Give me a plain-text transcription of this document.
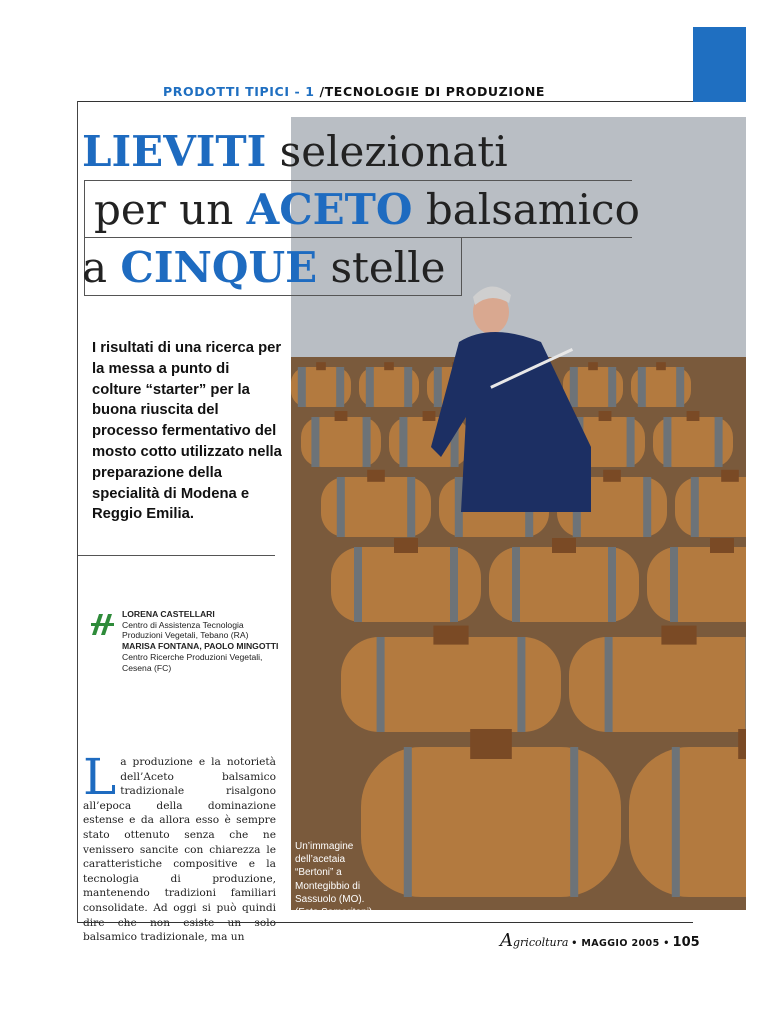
PRODOTTI TIPICI - 1 /TECNOLOGIE DI PRODUZIONE
LIEVITI selezionati
per un ACETO balsamico
a CINQUE stelle
I risultati di una ricerca per la messa a punto di colture “starter” per la buona riuscita del processo fermentativo del mosto cotto utilizzato nella preparazione della specialità di Modena e Reggio Emilia.
LORENA CASTELLARI
Centro di Assistenza Tecnologia Produzioni Vegetali, Tebano (RA)
MARISA FONTANA, PAOLO MINGOTTI
Centro Ricerche Produzioni Vegetali, Cesena (FC)
La produzione e la notorietà dell’Aceto balsamico tradizionale risalgono all’epoca della dominazione estense e da allora esso è sempre stato ottenuto senza che ne venissero sancite con chiarezza le caratteristiche compositive e la tecnologia di produzione, mantenendo tradizioni familiari consolidate. Ad oggi si può quindi balsamico tradizionale, ma un
Un’immagine dell’acetaia “Bertoni” a Montegibbio di Sassuolo (MO). (Foto Samaritani)
Agricoltura • MAGGIO 2005 • 105
